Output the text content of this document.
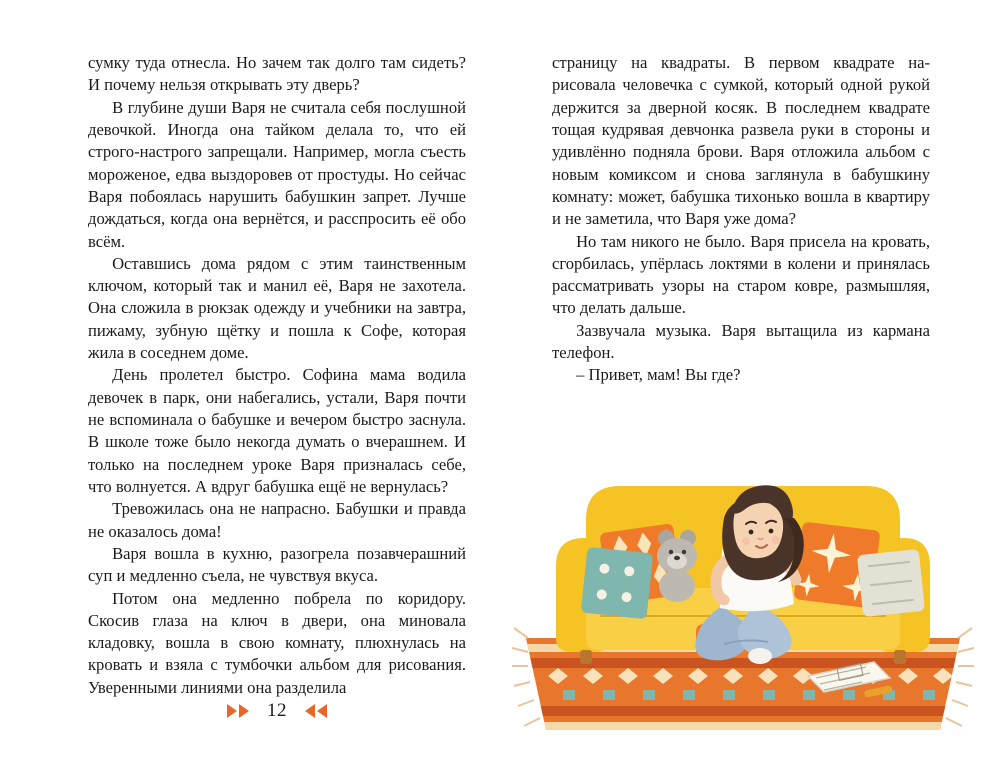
сумку туда отнесла. Но зачем так долго там сидеть? И почему нельзя открывать эту дверь?

В глубине души Варя не считала себя послушной девочкой. Иногда она тайком делала то, что ей строго-настрого запрещали. Например, могла съесть мороженое, едва выздоровев от простуды. Но сейчас Варя побоялась нарушить бабушкин запрет. Лучше дождаться, когда она вернётся, и расспросить её обо всём.

Оставшись дома рядом с этим таинственным ключом, который так и манил её, Варя не захотела. Она сложила в рюкзак одежду и учебники на завтра, пижаму, зубную щётку и пошла к Софе, которая жила в соседнем доме.

День пролетел быстро. Софина мама водила девочек в парк, они набегались, устали, Варя почти не вспоминала о бабушке и вечером быстро заснула. В школе тоже было некогда думать о вчерашнем. И только на последнем уроке Варя призналась себе, что волнуется. А вдруг бабушка ещё не вернулась?

Тревожилась она не напрасно. Бабушки и правда не оказалось дома!

Варя вошла в кухню, разогрела позавчерашний суп и медленно съела, не чувствуя вкуса.

Потом она медленно побрела по коридору. Скосив глаза на ключ в двери, она миновала кладовку, вошла в свою комнату, плюхнулась на кровать и взяла с тумбочки альбом для рисования. Уверенными линиями она разделила

страницу на квадраты. В первом квадрате нарисовала человечка с сумкой, который одной рукой держится за дверной косяк. В последнем квадрате тощая кудрявая девчонка развела руки в стороны и удивлённо подняла брови. Варя отложила альбом с новым комиксом и снова заглянула в бабушкину комнату: может, бабушка тихонько вошла в квартиру и не заметила, что Варя уже дома?

Но там никого не было. Варя присела на кровать, сгорбилась, упёрлась локтями в колени и принялась рассматривать узоры на старом ковре, размышляя, что делать дальше.

Зазвучала музыка. Варя вытащила из кармана телефон.

– Привет, мам! Вы где?

12
